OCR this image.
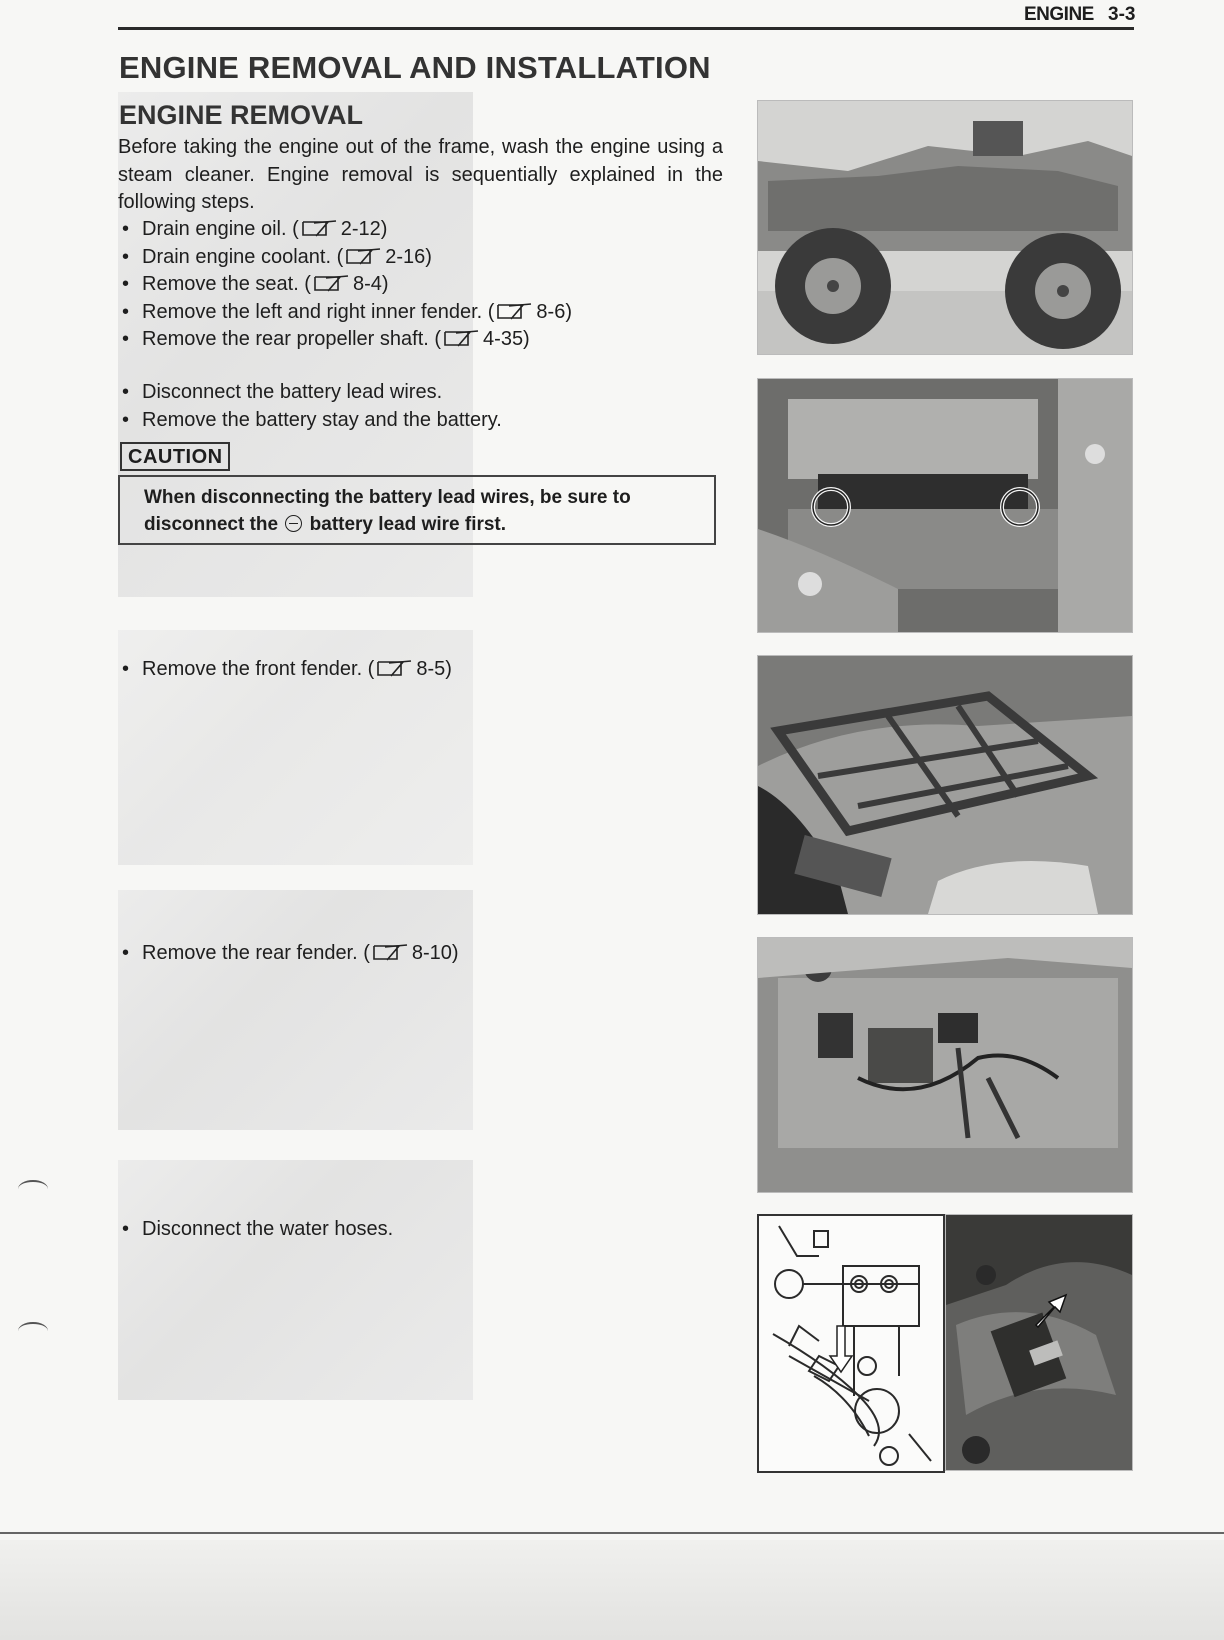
ENGINE 3-3
ENGINE REMOVAL AND INSTALLATION
ENGINE REMOVAL

Before taking the engine out of the frame, wash the engine using a steam cleaner. Engine removal is sequentially explained in the following steps.

• Drain engine oil. ( 2-12)
• Drain engine coolant. ( 2-16)
• Remove the seat. ( 8-4)
• Remove the left and right inner fender. ( 8-6)
• Remove the rear propeller shaft. ( 4-35)
• Disconnect the battery lead wires.
• Remove the battery stay and the battery.
CAUTION
When disconnecting the battery lead wires, be sure to
disconnect the battery lead wire first.
• Remove the front fender. ( 8-5)
• Remove the rear fender. ( 8-10)
• Disconnect the water hoses.
